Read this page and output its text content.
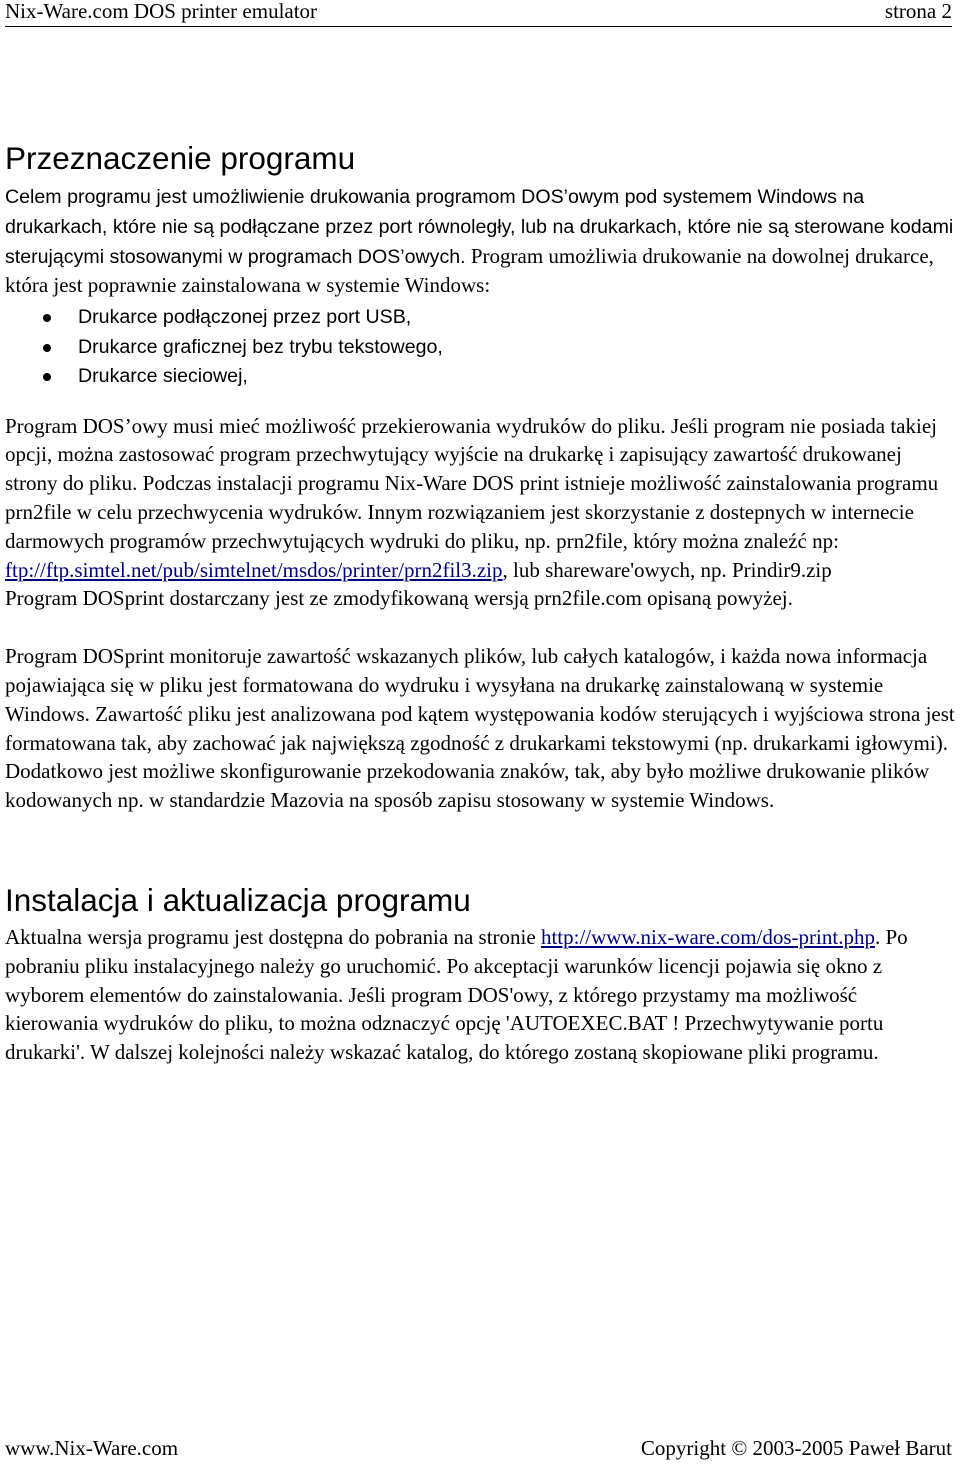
Nix-Ware.com DOS printer emulator	strona 2
Przeznaczenie programu

Celem programu jest umożliwienie drukowania programom DOS’owym pod systemem Windows na drukarkach, które nie są podłączane przez port równoległy, lub na drukarkach, które nie są sterowane kodami sterującymi stosowanymi w programach DOS’owych. Program umożliwia drukowanie na dowolnej drukarce, która jest poprawnie zainstalowana w systemie Windows:

Drukarce podłączonej przez port USB,
Drukarce graficznej bez trybu tekstowego,
Drukarce sieciowej,

Program DOS’owy musi mieć możliwość przekierowania wydruków do pliku. Jeśli program nie posiada takiej opcji, można zastosować program przechwytujący wyjście na drukarkę i zapisujący zawartość drukowanej strony do pliku. Podczas instalacji programu Nix-Ware DOS print istnieje możliwość zainstalowania programu prn2file w celu przechwycenia wydruków. Innym rozwiązaniem jest skorzystanie z dostepnych w internecie darmowych programów przechwytujących wydruki do pliku, np. prn2file, który można znaleźć np: ftp://ftp.simtel.net/pub/simtelnet/msdos/printer/prn2fil3.zip, lub shareware'owych, np. Prindir9.zip

Program DOSprint dostarczany jest ze zmodyfikowaną wersją prn2file.com opisaną powyżej.

Program DOSprint monitoruje zawartość wskazanych plików, lub całych katalogów, i każda nowa informacja pojawiająca się w pliku jest formatowana do wydruku i wysyłana na drukarkę zainstalowaną w systemie Windows. Zawartość pliku jest analizowana pod kątem występowania kodów sterujących i wyjściowa strona jest formatowana tak, aby zachować jak największą zgodność z drukarkami tekstowymi (np. drukarkami igłowymi).

Dodatkowo jest możliwe skonfigurowanie przekodowania znaków, tak, aby było możliwe drukowanie plików kodowanych np. w standardzie Mazovia na sposób zapisu stosowany w systemie Windows.

Instalacja i aktualizacja programu

Aktualna wersja programu jest dostępna do pobrania na stronie http://www.nix-ware.com/dos-print.php. Po pobraniu pliku instalacyjnego należy go uruchomić. Po akceptacji warunków licencji pojawia się okno z wyborem elementów do zainstalowania. Jeśli program DOS'owy, z którego przystamy ma możliwość kierowania wydruków do pliku, to można odznaczyć opcję 'AUTOEXEC.BAT ! Przechwytywanie portu drukarki'. W dalszej kolejności należy wskazać katalog, do którego zostaną skopiowane pliki programu.

www.Nix-Ware.com	Copyright © 2003-2005 Paweł Barut
